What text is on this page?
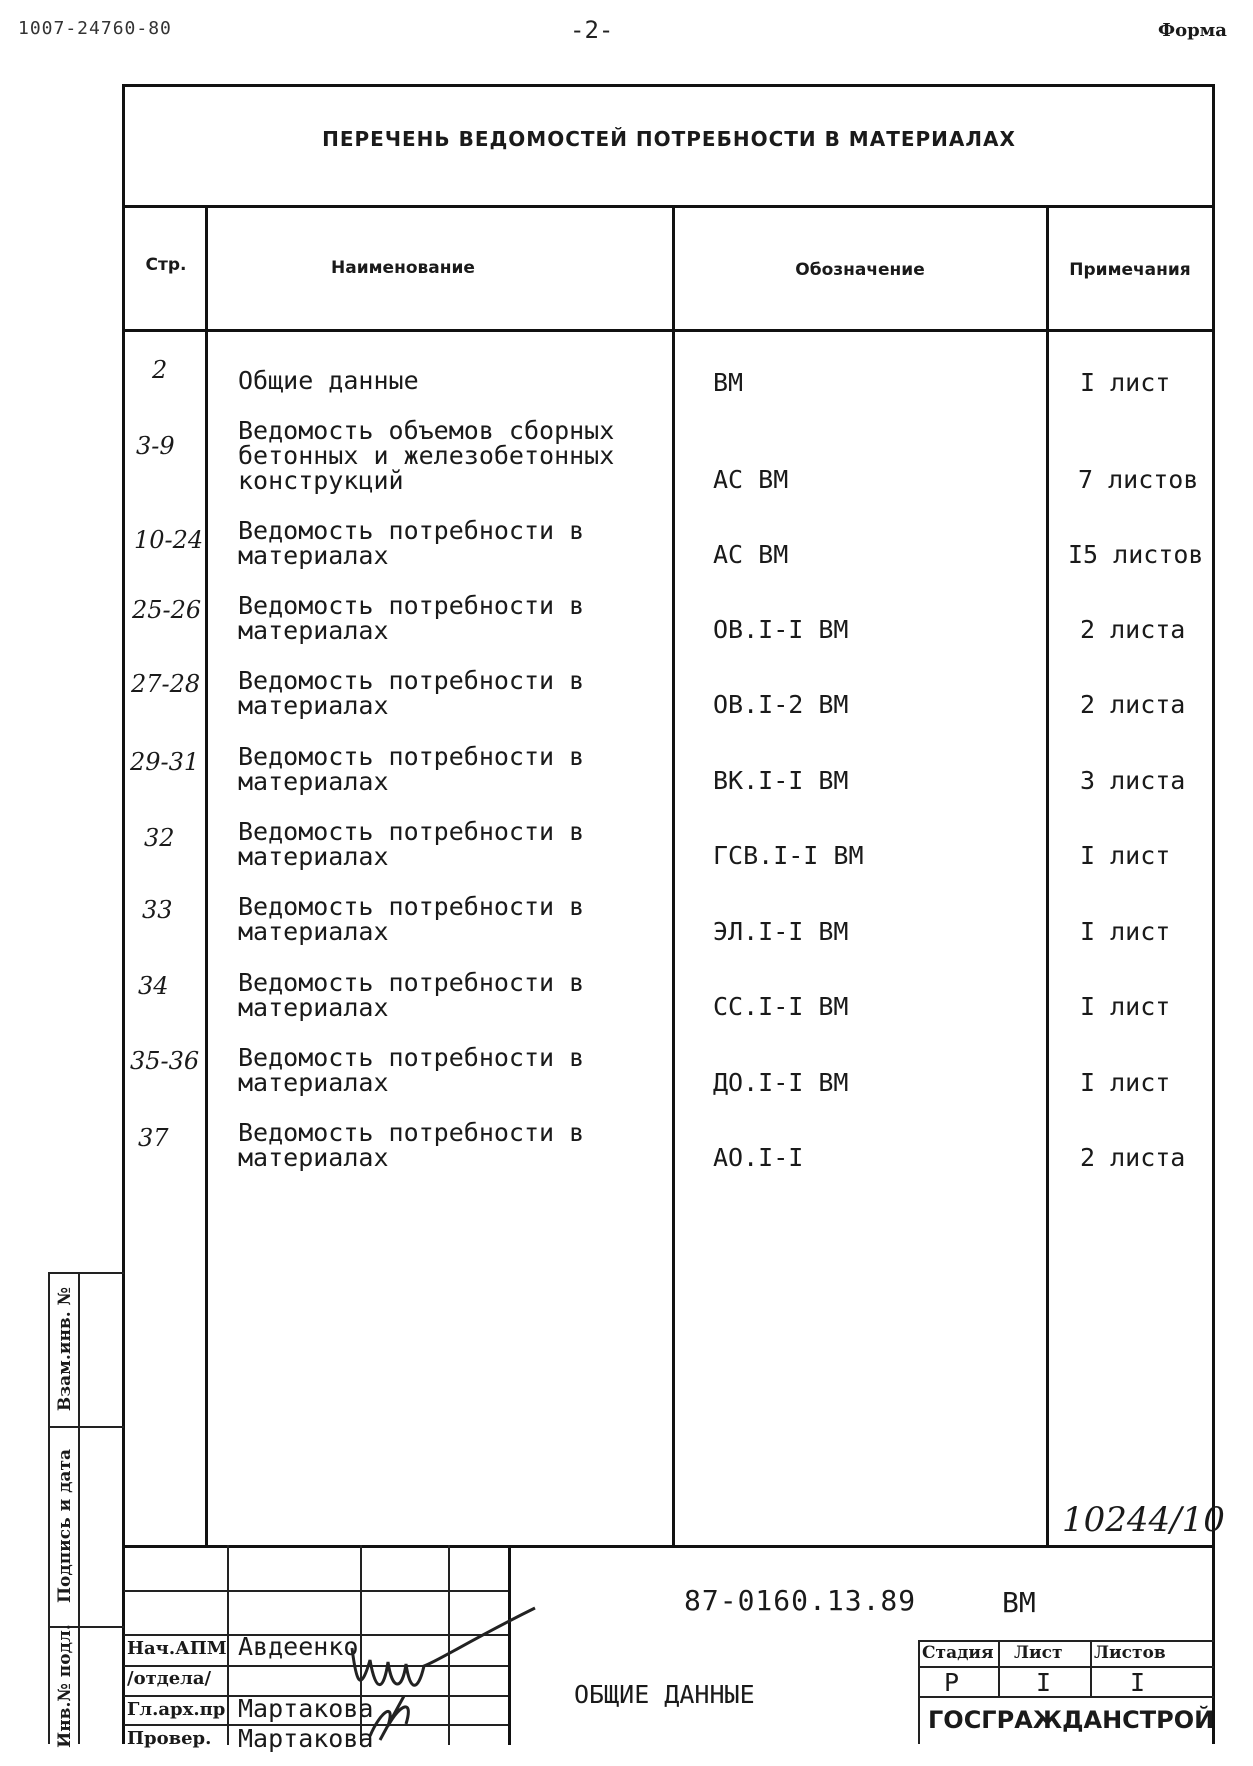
1007-24760-80	-2-	Форма
ПЕРЕЧЕНЬ ВЕДОМОСТЕЙ ПОТРЕБНОСТИ В МАТЕРИАЛАХ
Стр.	Наименование	Обозначение	Примечания
2	Общие данные	ВМ	I лист
3-9
Ведомость объемов сборных
бетонных и железобетонных
конструкций	АС ВМ	7 листов
10-24 Ведомость потребности в
материалах	АС ВМ	I5 листов
25-26 Ведомость потребности в
материалах	ОВ.I-I ВМ	2 листа
27-28 Ведомость потребности в
материалах	ОВ.I-2 ВМ	2 листа
29-31 Ведомость потребности в
материалах	ВК.I-I ВМ	3 листа
32	Ведомость потребности в
материалах	ГСВ.I-I ВМ	I лист
33	Ведомость потребности в
материалах	ЭЛ.I-I ВМ	I лист
34	Ведомость потребности в
материалах	СС.I-I ВМ	I лист
35-36 Ведомость потребности в
материалах	ДО.I-I ВМ	I лист
37	Ведомость потребности в
материалах	АО.I-I	2 листа
10244/10
Взам.инв. №
Подпись и дата
Инв.№ подл.	Нач.АПМ Авдеенко
/отдела/
Гл.арх.пр Мартакова
Провер. Мартакова
87-0160.13.89	ВМ
ОБЩИЕ ДАННЫЕ
Стадия Лист Листов
Р	I	I
ГОСГРАЖДАНСТРОЙ
